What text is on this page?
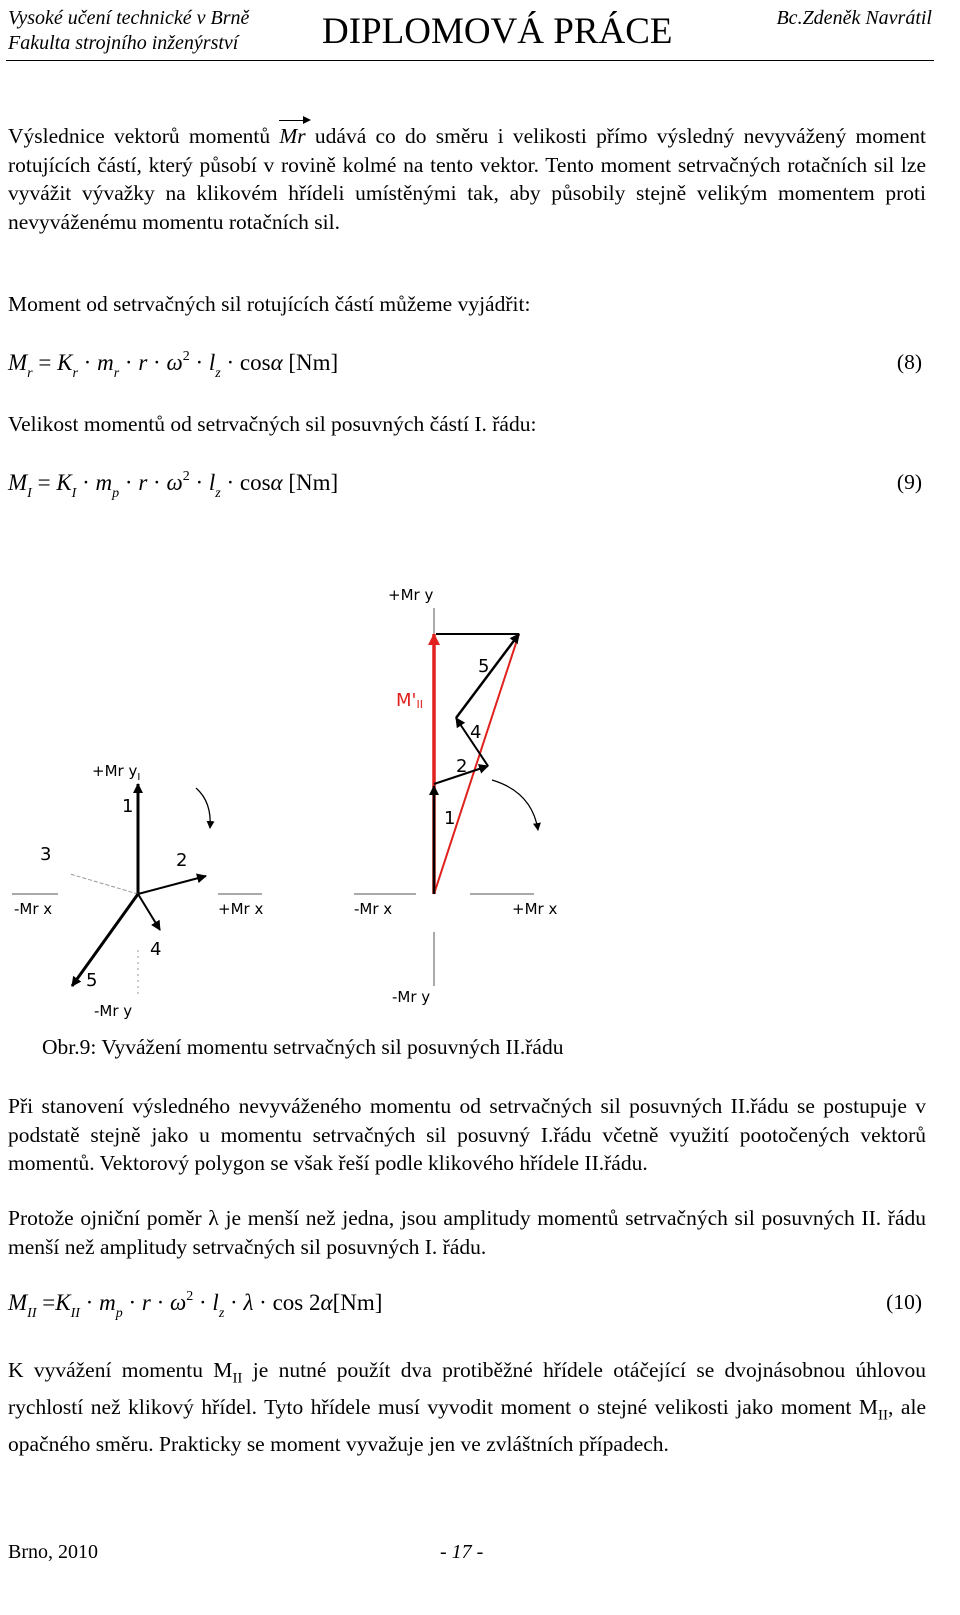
Vysoké učení technické v Brně
Fakulta strojního inženýrství DIPLOMOVÁ PRÁCE	Bc.Zdeněk Navrátil

Výslednice vektorů momentů Mr udává co do směru i velikosti přímo výsledný nevyvážený moment rotujících částí, který působí v rovině kolmé na tento vektor. Tento moment setrvačných rotačních sil lze vyvážit vývažky na klikovém hřídeli umístěnými tak, aby působily stejně velikým momentem proti nevyváženému momentu rotačních sil.

Moment od setrvačných sil rotujících částí můžeme vyjádřit:

$M_r = K_r \cdot m_r \cdot r \cdot \omega^2 \cdot l_z \cdot \cos\alpha$ [Nm]	(8)

Velikost momentů od setrvačných sil posuvných částí I. řádu:

$M_I = K_I \cdot m_p \cdot r \cdot \omega^2 \cdot l_z \cdot \cos\alpha$ [Nm]	(9)
+Mr $y_I$
-Mr x	+Mr x
-Mr y
1
2
3
4
5
+Mr y
M'II
-Mr x	+Mr x
-Mr y
1
2
4
5
Obr.9: Vyvážení momentu setrvačných sil posuvných II.řádu

Při stanovení výsledného nevyváženého momentu od setrvačných sil posuvných II.řádu se postupuje v podstatě stejně jako u momentu setrvačných sil posuvný I.řádu včetně využití pootočených vektorů momentů. Vektorový polygon se však řeší podle klikového hřídele II.řádu.

Protože ojniční poměr λ je menší než jedna, jsou amplitudy momentů setrvačných sil posuvných II. řádu menší než amplitudy setrvačných sil posuvných I. řádu.

$M_{II} =K_{II} \cdot m_p \cdot r \cdot \omega^2 \cdot l_z \cdot \lambda \cdot \cos 2\alpha[Nm]$	(10)

K vyvážení momentu $M_{II}$ je nutné použít dva protiběžné hřídele otáčející se dvojnásobnou úhlovou rychlostí než klikový hřídel. Tyto hřídele musí vyvodit moment o stejné velikosti jako moment $M_{II}$, ale opačného směru. Prakticky se moment vyvažuje jen ve zvláštních případech.

Brno, 2010	- 17 -
